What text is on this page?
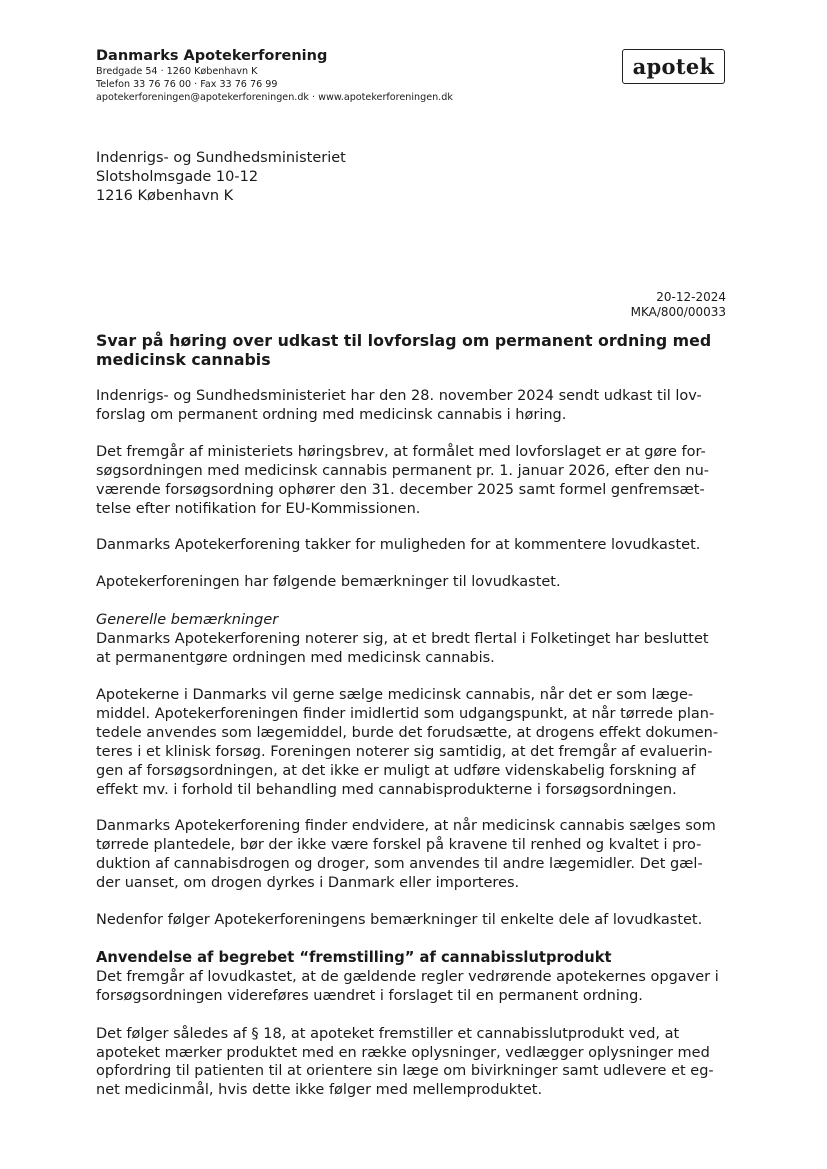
Danmarks Apotekerforening
Bredgade 54 · 1260 København K
Telefon 33 76 76 00 · Fax 33 76 76 99
apotekerforeningen@apotekerforeningen.dk · www.apotekerforeningen.dk
apotek
Indenrigs- og Sundhedsministeriet
Slotsholmsgade 10-12
1216 København K
20-12-2024
MKA/800/00033
Svar på høring over udkast til lovforslag om permanent ordning med
medicinsk cannabis

Indenrigs- og Sundhedsministeriet har den 28. november 2024 sendt udkast til lov-

forslag om permanent ordning med medicinsk cannabis i høring.

Det fremgår af ministeriets høringsbrev, at formålet med lovforslaget er at gøre for-

søgsordningen med medicinsk cannabis permanent pr. 1. januar 2026, efter den nu-

værende forsøgsordning ophører den 31. december 2025 samt formel genfremsæt-

telse efter notifikation for EU-Kommissionen.

Danmarks Apotekerforening takker for muligheden for at kommentere lovudkastet.

Apotekerforeningen har følgende bemærkninger til lovudkastet.

Generelle bemærkninger

Danmarks Apotekerforening noterer sig, at et bredt flertal i Folketinget har besluttet

at permanentgøre ordningen med medicinsk cannabis.

Apotekerne i Danmarks vil gerne sælge medicinsk cannabis, når det er som læge-

middel. Apotekerforeningen finder imidlertid som udgangspunkt, at når tørrede plan-

tedele anvendes som lægemiddel, burde det forudsætte, at drogens effekt dokumen-

teres i et klinisk forsøg. Foreningen noterer sig samtidig, at det fremgår af evaluerin-

gen af forsøgsordningen, at det ikke er muligt at udføre videnskabelig forskning af

effekt mv. i forhold til behandling med cannabisprodukterne i forsøgsordningen.

Danmarks Apotekerforening finder endvidere, at når medicinsk cannabis sælges som

tørrede plantedele, bør der ikke være forskel på kravene til renhed og kvaltet i pro-

duktion af cannabisdrogen og droger, som anvendes til andre lægemidler. Det gæl-

der uanset, om drogen dyrkes i Danmark eller importeres.

Nedenfor følger Apotekerforeningens bemærkninger til enkelte dele af lovudkastet.

Anvendelse af begrebet “fremstilling” af cannabisslutprodukt

Det fremgår af lovudkastet, at de gældende regler vedrørende apotekernes opgaver i

forsøgsordningen videreføres uændret i forslaget til en permanent ordning.

Det følger således af § 18, at apoteket fremstiller et cannabisslutprodukt ved, at

apoteket mærker produktet med en række oplysninger, vedlægger oplysninger med

opfordring til patienten til at orientere sin læge om bivirkninger samt udlevere et eg-

net medicinmål, hvis dette ikke følger med mellemproduktet.
